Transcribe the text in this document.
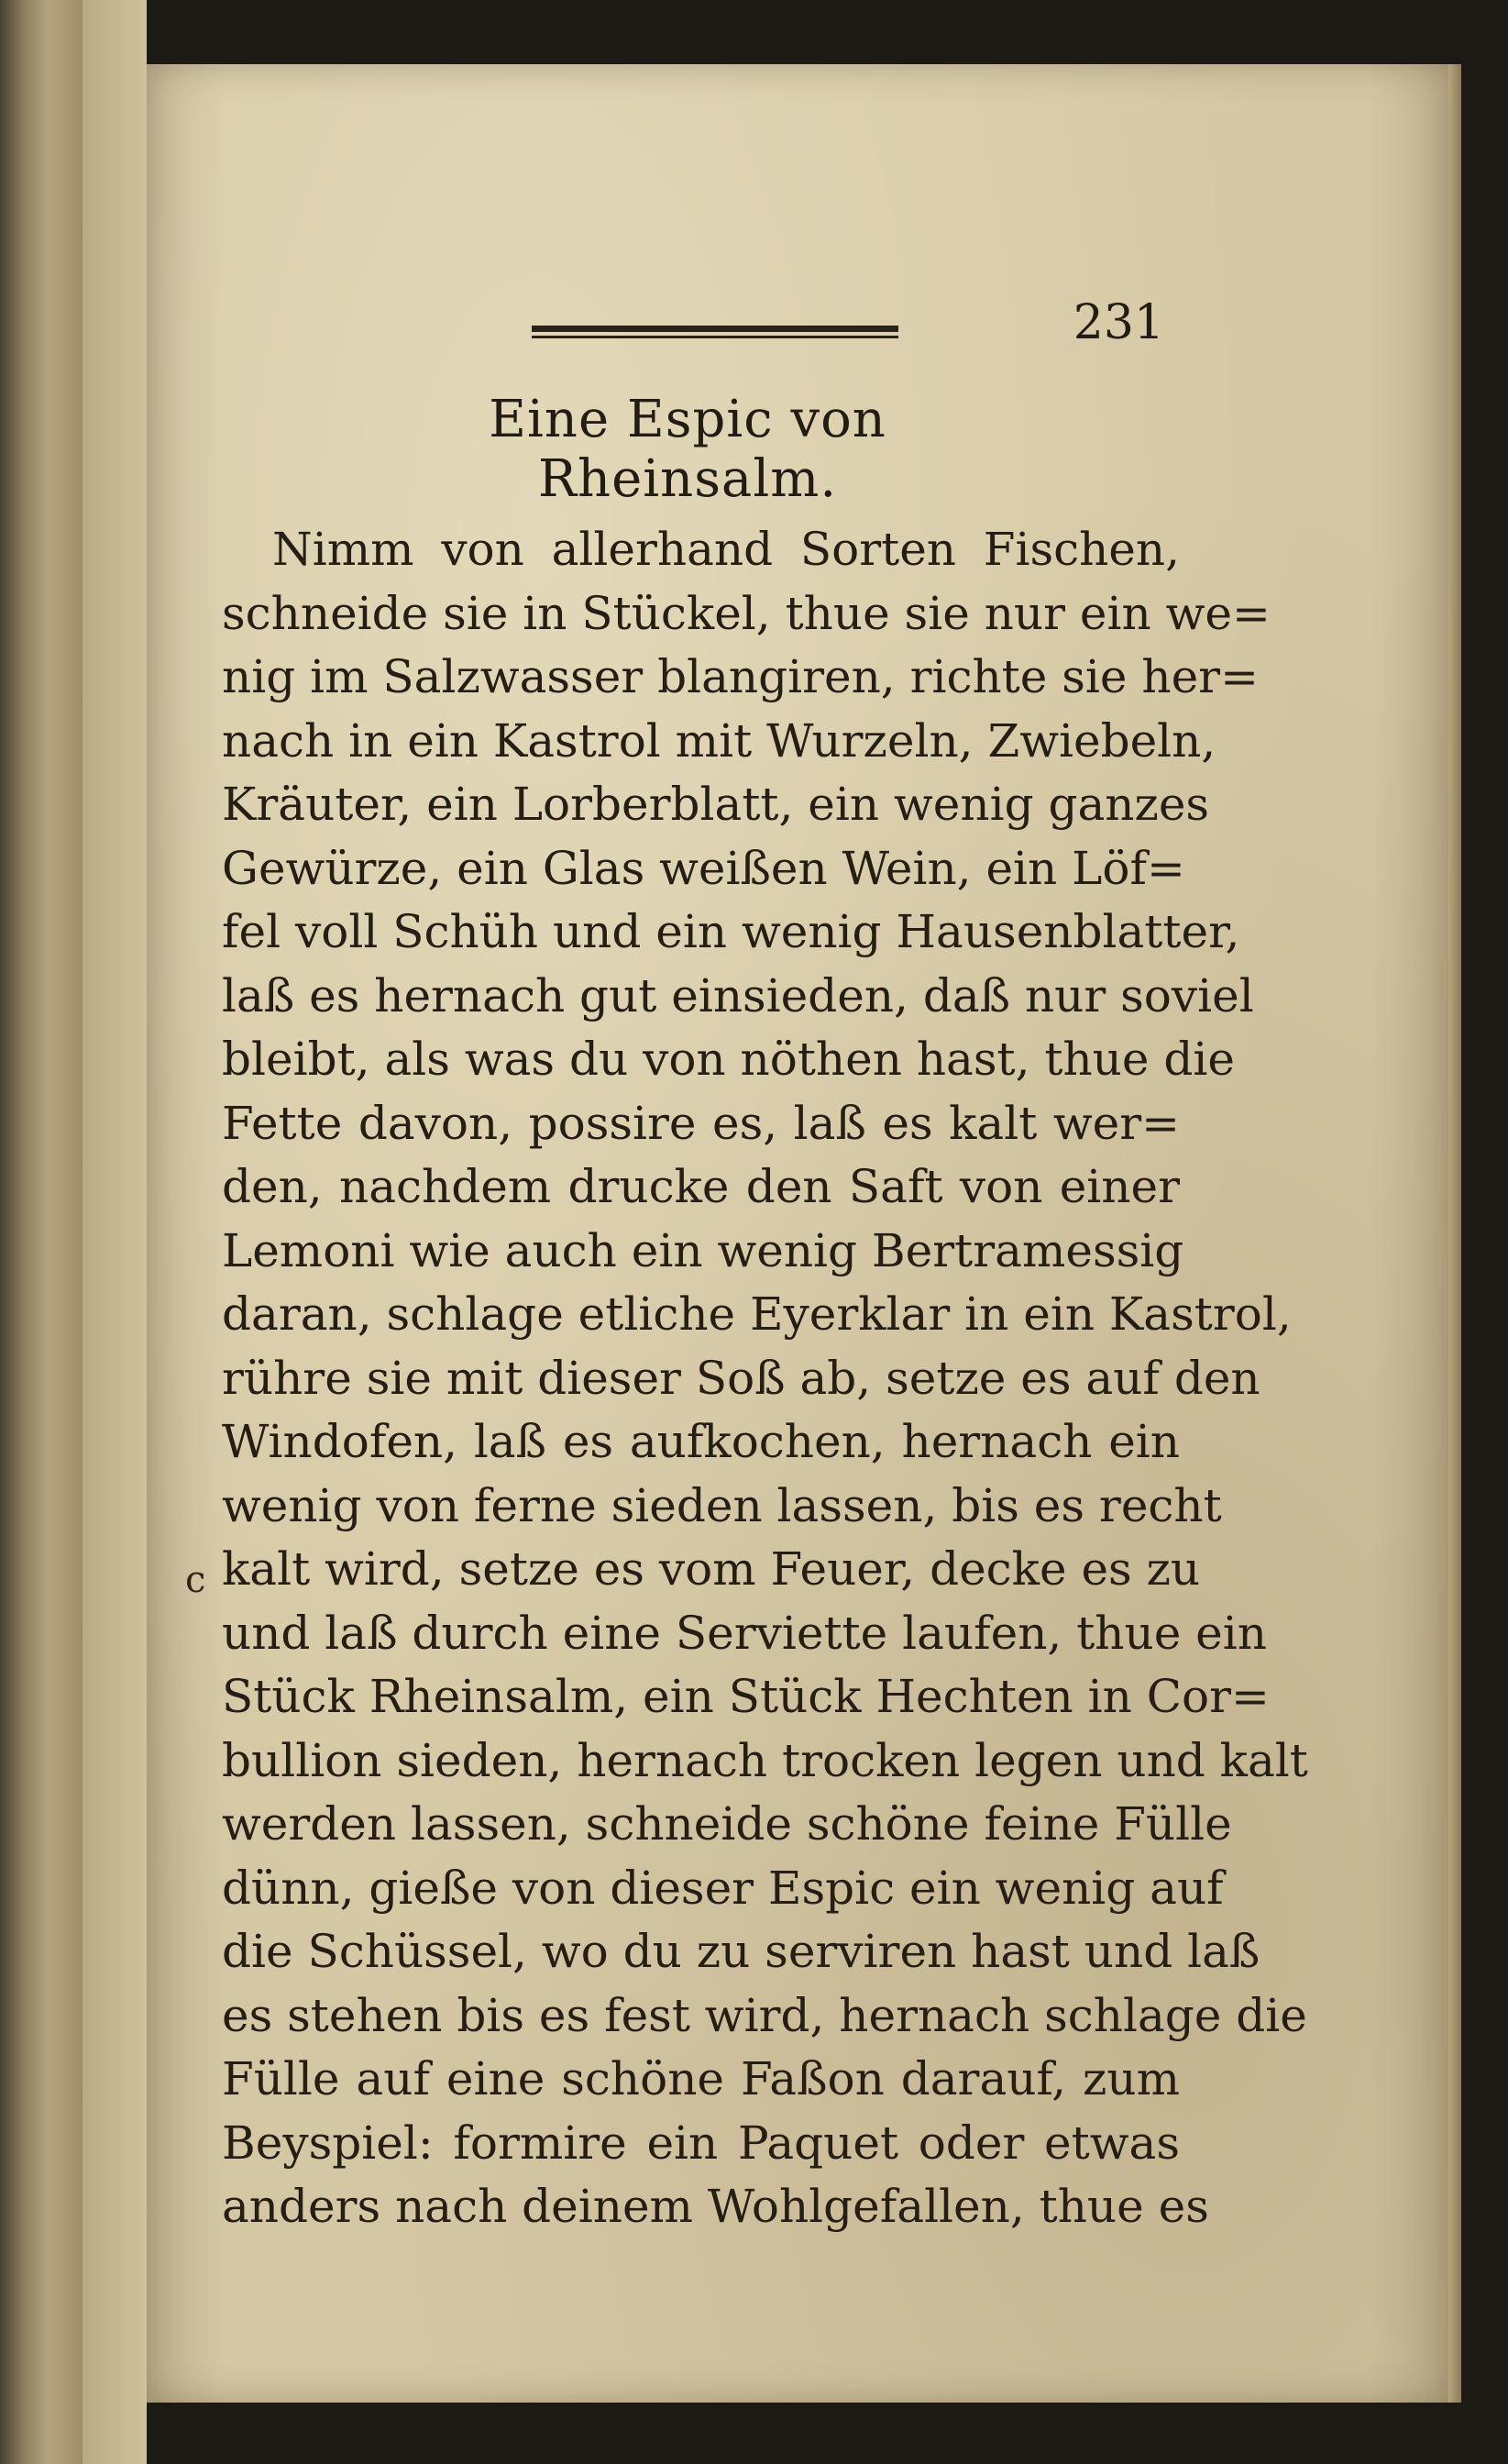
231
Eine Espic von Rheinsalm.
c
Nimm von allerhand Sorten Fischen,
schneide sie in Stückel, thue sie nur ein we=
nig im Salzwasser blangiren, richte sie her=
nach in ein Kastrol mit Wurzeln, Zwiebeln,
Kräuter, ein Lorberblatt, ein wenig ganzes
Gewürze, ein Glas weißen Wein, ein Löf=
fel voll Schüh und ein wenig Hausenblatter,
laß es hernach gut einsieden, daß nur soviel
bleibt, als was du von nöthen hast, thue die
Fette davon, possire es, laß es kalt wer=
den, nachdem drucke den Saft von einer
Lemoni wie auch ein wenig Bertramessig
daran, schlage etliche Eyerklar in ein Kastrol,
rühre sie mit dieser Soß ab, setze es auf den
Windofen, laß es aufkochen, hernach ein
wenig von ferne sieden lassen, bis es recht
kalt wird, setze es vom Feuer, decke es zu
und laß durch eine Serviette laufen, thue ein
Stück Rheinsalm, ein Stück Hechten in Cor=
bullion sieden, hernach trocken legen und kalt
werden lassen, schneide schöne feine Fülle
dünn, gieße von dieser Espic ein wenig auf
die Schüssel, wo du zu serviren hast und laß
es stehen bis es fest wird, hernach schlage die
Fülle auf eine schöne Faßon darauf, zum
Beyspiel: formire ein Paquet oder etwas
anders nach deinem Wohlgefallen, thue es
